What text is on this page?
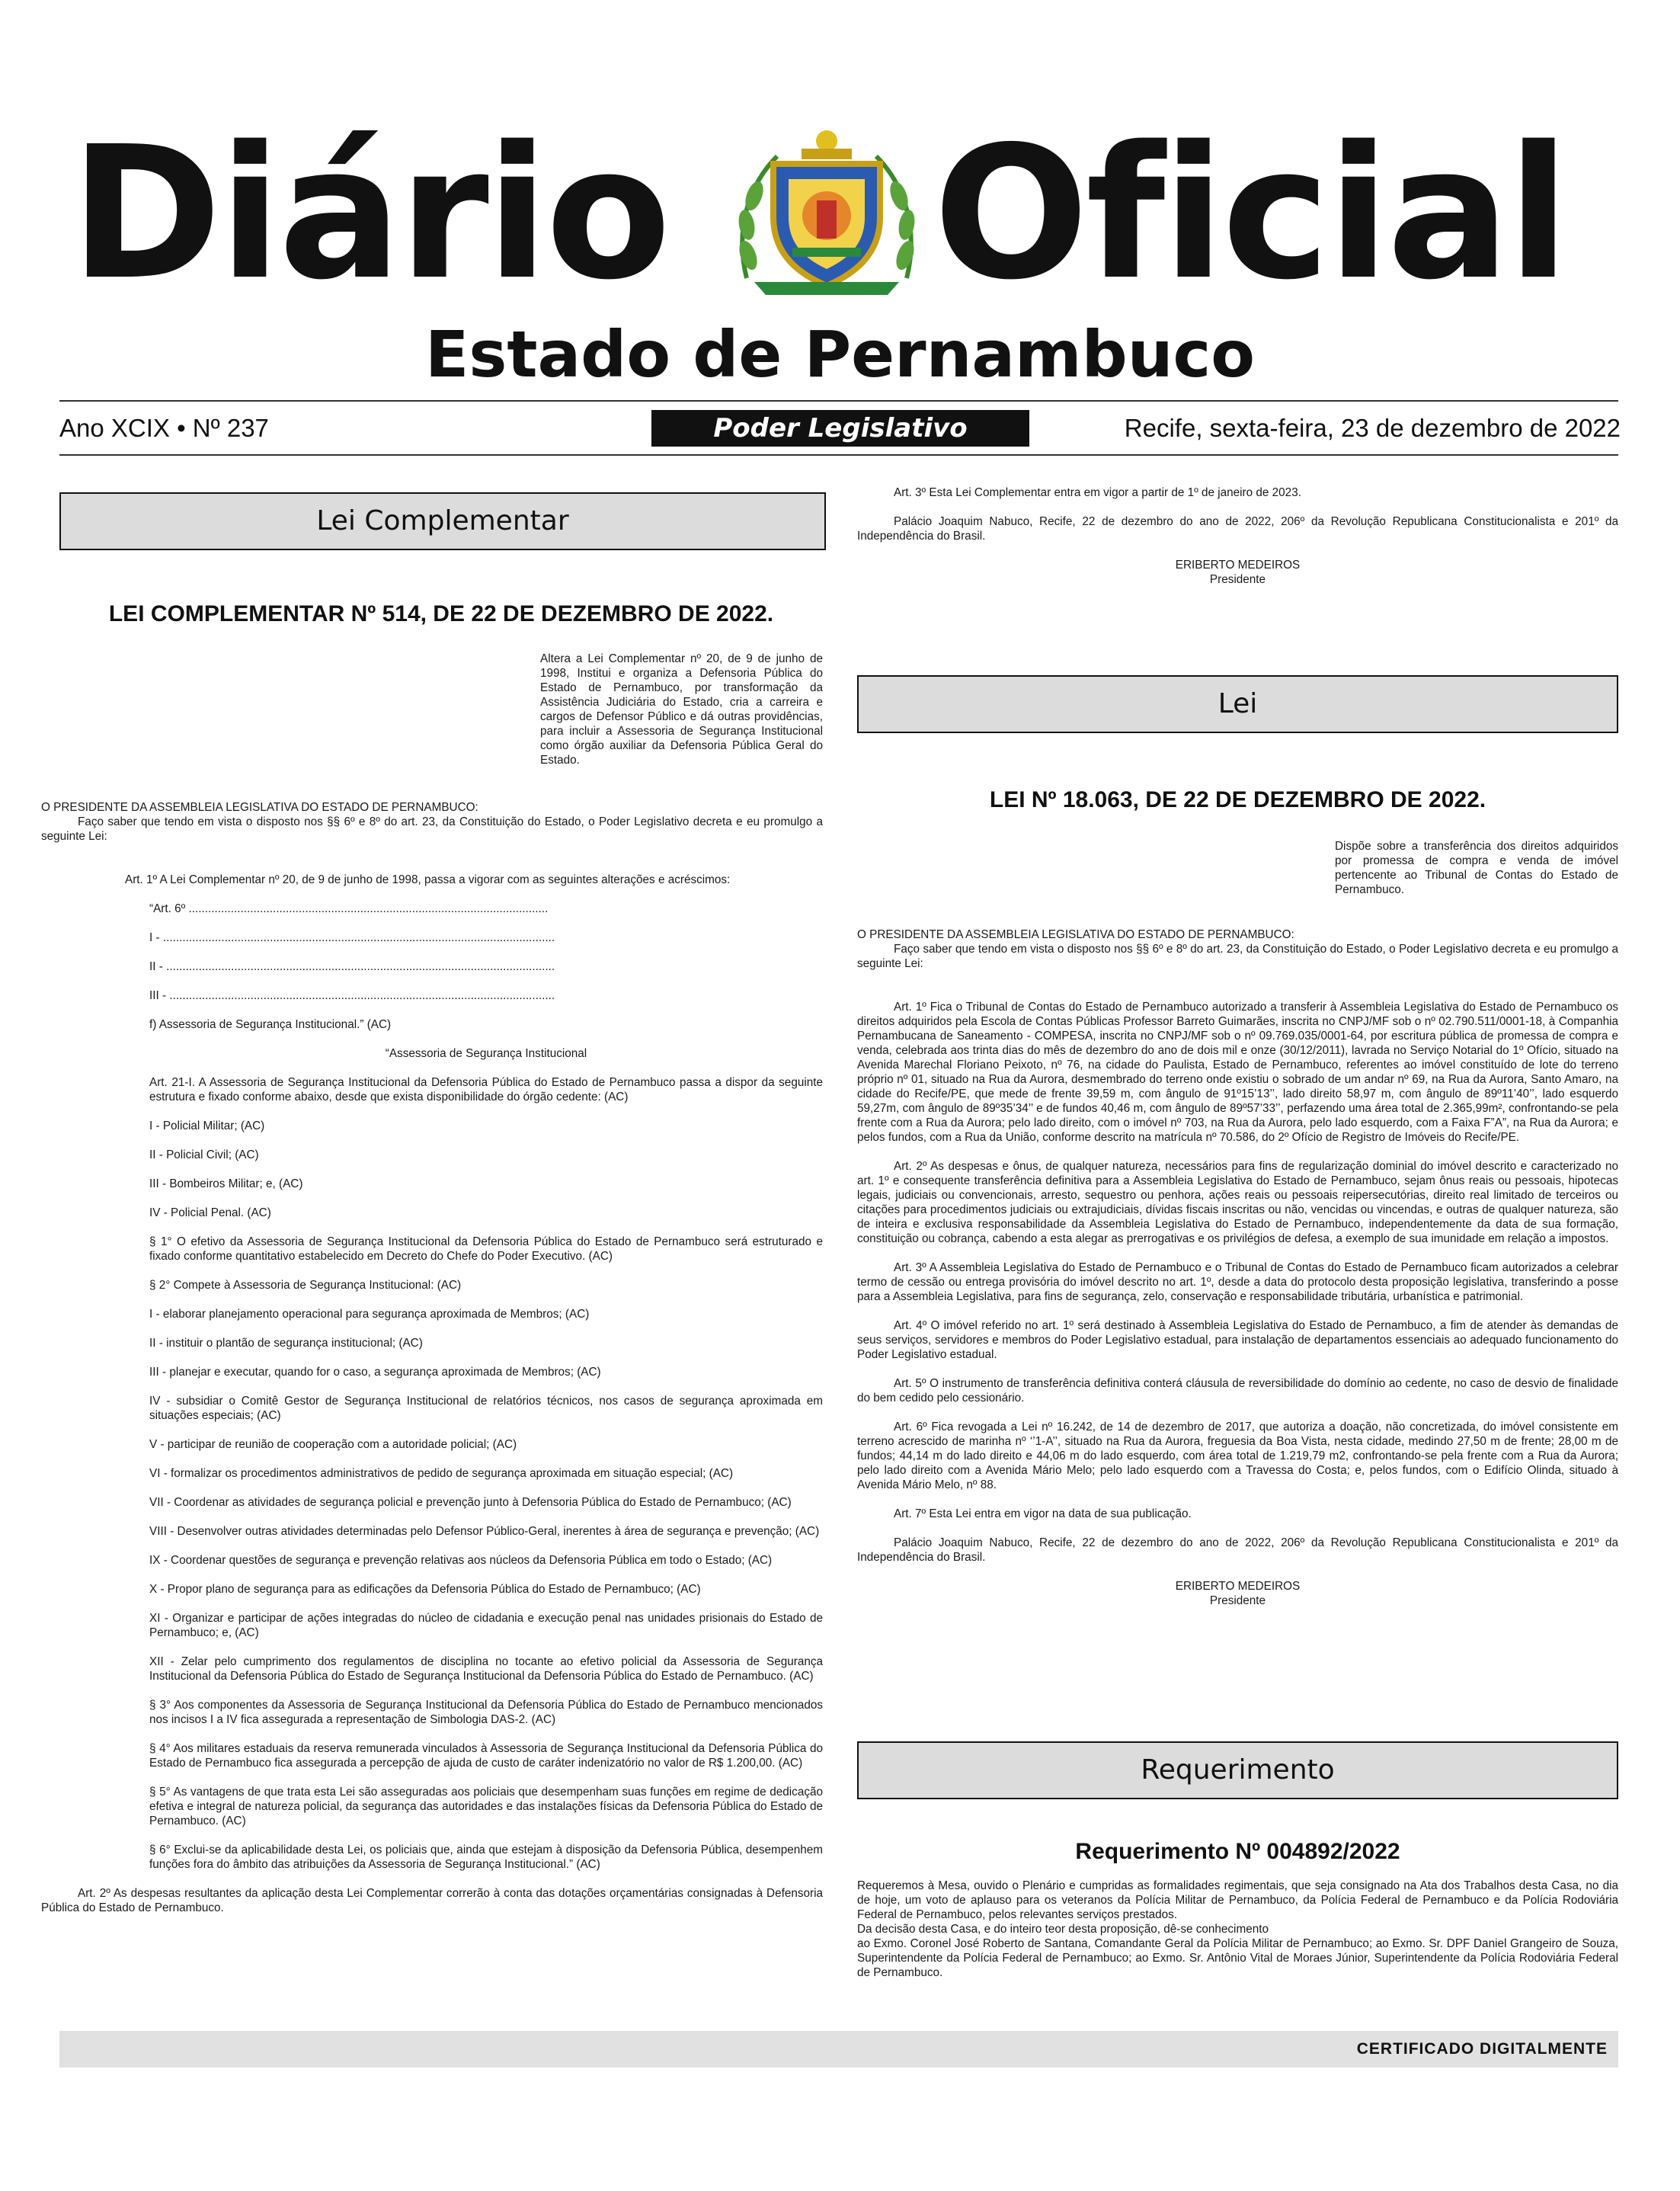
Diário Oficial
Estado de Pernambuco
Ano XCIX • Nº 237	Poder Legislativo	Recife, sexta-feira, 23 de dezembro de 2022
Lei Complementar
LEI COMPLEMENTAR Nº 514, DE 22 DE DEZEMBRO DE 2022.
Altera a Lei Complementar nº 20, de 9 de junho de 1998, Institui e organiza a Defensoria Pública do Estado de Pernambuco, por transformação da Assistência Judiciária do Estado, cria a carreira e cargos de Defensor Público e dá outras providências, para incluir a Assessoria de Segurança Institucional como órgão auxiliar da Defensoria Pública Geral do Estado.

O PRESIDENTE DA ASSEMBLEIA LEGISLATIVA DO ESTADO DE PERNAMBUCO:

Faço saber que tendo em vista o disposto nos §§ 6º e 8º do art. 23, da Constituição do Estado, o Poder Legislativo decreta e eu promulgo a seguinte Lei:

Art. 1º A Lei Complementar nº 20, de 9 de junho de 1998, passa a vigorar com as seguintes alterações e acréscimos:

“Art. 6º ...............................................................................................................

I - .........................................................................................................................

II - ........................................................................................................................

III - .......................................................................................................................

f) Assessoria de Segurança Institucional.” (AC)

“Assessoria de Segurança Institucional

Art. 21-I. A Assessoria de Segurança Institucional da Defensoria Pública do Estado de Pernambuco passa a dispor da seguinte estrutura e fixado conforme abaixo, desde que exista disponibilidade do órgão cedente: (AC)

I - Policial Militar; (AC)

II - Policial Civil; (AC)

III - Bombeiros Militar; e, (AC)

IV - Policial Penal. (AC)

§ 1° O efetivo da Assessoria de Segurança Institucional da Defensoria Pública do Estado de Pernambuco será estruturado e fixado conforme quantitativo estabelecido em Decreto do Chefe do Poder Executivo. (AC)

§ 2° Compete à Assessoria de Segurança Institucional: (AC)

I - elaborar planejamento operacional para segurança aproximada de Membros; (AC)

II - instituir o plantão de segurança institucional; (AC)

III - planejar e executar, quando for o caso, a segurança aproximada de Membros; (AC)

IV - subsidiar o Comitê Gestor de Segurança Institucional de relatórios técnicos, nos casos de segurança aproximada em situações especiais; (AC)

V - participar de reunião de cooperação com a autoridade policial; (AC)

VI - formalizar os procedimentos administrativos de pedido de segurança aproximada em situação especial; (AC)

VII - Coordenar as atividades de segurança policial e prevenção junto à Defensoria Pública do Estado de Pernambuco; (AC)

VIII - Desenvolver outras atividades determinadas pelo Defensor Público-Geral, inerentes à área de segurança e prevenção; (AC)

IX - Coordenar questões de segurança e prevenção relativas aos núcleos da Defensoria Pública em todo o Estado; (AC)

X - Propor plano de segurança para as edificações da Defensoria Pública do Estado de Pernambuco; (AC)

XI - Organizar e participar de ações integradas do núcleo de cidadania e execução penal nas unidades prisionais do Estado de Pernambuco; e, (AC)

XII - Zelar pelo cumprimento dos regulamentos de disciplina no tocante ao efetivo policial da Assessoria de Segurança Institucional da Defensoria Pública do Estado de Segurança Institucional da Defensoria Pública do Estado de Pernambuco. (AC)

§ 3° Aos componentes da Assessoria de Segurança Institucional da Defensoria Pública do Estado de Pernambuco mencionados nos incisos I a IV fica assegurada a representação de Simbologia DAS-2. (AC)

§ 4° Aos militares estaduais da reserva remunerada vinculados à Assessoria de Segurança Institucional da Defensoria Pública do Estado de Pernambuco fica assegurada a percepção de ajuda de custo de caráter indenizatório no valor de R$ 1.200,00. (AC)

§ 5° As vantagens de que trata esta Lei são asseguradas aos policiais que desempenham suas funções em regime de dedicação efetiva e integral de natureza policial, da segurança das autoridades e das instalações físicas da Defensoria Pública do Estado de Pernambuco. (AC)

§ 6° Exclui-se da aplicabilidade desta Lei, os policiais que, ainda que estejam à disposição da Defensoria Pública, desempenhem funções fora do âmbito das atribuições da Assessoria de Segurança Institucional.” (AC)

Art. 2º As despesas resultantes da aplicação desta Lei Complementar correrão à conta das dotações orçamentárias consignadas à Defensoria Pública do Estado de Pernambuco.

Art. 3º Esta Lei Complementar entra em vigor a partir de 1º de janeiro de 2023.

Palácio Joaquim Nabuco, Recife, 22 de dezembro do ano de 2022, 206º da Revolução Republicana Constitucionalista e 201º da Independência do Brasil.

ERIBERTO MEDEIROS

Presidente

Lei
LEI Nº 18.063, DE 22 DE DEZEMBRO DE 2022.
Dispõe sobre a transferência dos direitos adquiridos por promessa de compra e venda de imóvel pertencente ao Tribunal de Contas do Estado de Pernambuco.

O PRESIDENTE DA ASSEMBLEIA LEGISLATIVA DO ESTADO DE PERNAMBUCO:

Faço saber que tendo em vista o disposto nos §§ 6º e 8º do art. 23, da Constituição do Estado, o Poder Legislativo decreta e eu promulgo a seguinte Lei:

Art. 1º Fica o Tribunal de Contas do Estado de Pernambuco autorizado a transferir à Assembleia Legislativa do Estado de Pernambuco os direitos adquiridos pela Escola de Contas Públicas Professor Barreto Guimarães, inscrita no CNPJ/MF sob o nº 02.790.511/0001-18, à Companhia Pernambucana de Saneamento - COMPESA, inscrita no CNPJ/MF sob o nº 09.769.035/0001-64, por escritura pública de promessa de compra e venda, celebrada aos trinta dias do mês de dezembro do ano de dois mil e onze (30/12/2011), lavrada no Serviço Notarial do 1º Ofício, situado na Avenida Marechal Floriano Peixoto, nº 76, na cidade do Paulista, Estado de Pernambuco, referentes ao imóvel constituído de lote do terreno próprio nº 01, situado na Rua da Aurora, desmembrado do terreno onde existiu o sobrado de um andar nº 69, na Rua da Aurora, Santo Amaro, na cidade do Recife/PE, que mede de frente 39,59 m, com ângulo de 91º15’13’’, lado direito 58,97 m, com ângulo de 89º11’40’’, lado esquerdo 59,27m, com ângulo de 89º35’34’’ e de fundos 40,46 m, com ângulo de 89º57’33’’, perfazendo uma área total de 2.365,99m², confrontando-se pela frente com a Rua da Aurora; pelo lado direito, com o imóvel nº 703, na Rua da Aurora, pelo lado esquerdo, com a Faixa F”A”, na Rua da Aurora; e pelos fundos, com a Rua da União, conforme descrito na matrícula nº 70.586, do 2º Ofício de Registro de Imóveis do Recife/PE.

Art. 2º As despesas e ônus, de qualquer natureza, necessários para fins de regularização dominial do imóvel descrito e caracterizado no art. 1º e consequente transferência definitiva para a Assembleia Legislativa do Estado de Pernambuco, sejam ônus reais ou pessoais, hipotecas legais, judiciais ou convencionais, arresto, sequestro ou penhora, ações reais ou pessoais reipersecutórias, direito real limitado de terceiros ou citações para procedimentos judiciais ou extrajudiciais, dívidas fiscais inscritas ou não, vencidas ou vincendas, e outras de qualquer natureza, são de inteira e exclusiva responsabilidade da Assembleia Legislativa do Estado de Pernambuco, independentemente da data de sua formação, constituição ou cobrança, cabendo a esta alegar as prerrogativas e os privilégios de defesa, a exemplo de sua imunidade em relação a impostos.

Art. 3º A Assembleia Legislativa do Estado de Pernambuco e o Tribunal de Contas do Estado de Pernambuco ficam autorizados a celebrar termo de cessão ou entrega provisória do imóvel descrito no art. 1º, desde a data do protocolo desta proposição legislativa, transferindo a posse para a Assembleia Legislativa, para fins de segurança, zelo, conservação e responsabilidade tributária, urbanística e patrimonial.

Art. 4º O imóvel referido no art. 1º será destinado à Assembleia Legislativa do Estado de Pernambuco, a fim de atender às demandas de seus serviços, servidores e membros do Poder Legislativo estadual, para instalação de departamentos essenciais ao adequado funcionamento do Poder Legislativo estadual.

Art. 5º O instrumento de transferência definitiva conterá cláusula de reversibilidade do domínio ao cedente, no caso de desvio de finalidade do bem cedido pelo cessionário.

Art. 6º Fica revogada a Lei nº 16.242, de 14 de dezembro de 2017, que autoriza a doação, não concretizada, do imóvel consistente em terreno acrescido de marinha nº ‘’1-A’’, situado na Rua da Aurora, freguesia da Boa Vista, nesta cidade, medindo 27,50 m de frente; 28,00 m de fundos; 44,14 m do lado direito e 44,06 m do lado esquerdo, com área total de 1.219,79 m2, confrontando-se pela frente com a Rua da Aurora; pelo lado direito com a Avenida Mário Melo; pelo lado esquerdo com a Travessa do Costa; e, pelos fundos, com o Edifício Olinda, situado à Avenida Mário Melo, nº 88.

Art. 7º Esta Lei entra em vigor na data de sua publicação.

Palácio Joaquim Nabuco, Recife, 22 de dezembro do ano de 2022, 206º da Revolução Republicana Constitucionalista e 201º da Independência do Brasil.

ERIBERTO MEDEIROS

Presidente

Requerimento
Requerimento Nº 004892/2022

Requeremos à Mesa, ouvido o Plenário e cumpridas as formalidades regimentais, que seja consignado na Ata dos Trabalhos desta Casa, no dia de hoje, um voto de aplauso para os veteranos da Polícia Militar de Pernambuco, da Polícia Federal de Pernambuco e da Polícia Rodoviária Federal de Pernambuco, pelos relevantes serviços prestados.

Da decisão desta Casa, e do inteiro teor desta proposição, dê-se conhecimento

ao Exmo. Coronel José Roberto de Santana, Comandante Geral da Polícia Militar de Pernambuco; ao Exmo. Sr. DPF Daniel Grangeiro de Souza, Superintendente da Polícia Federal de Pernambuco; ao Exmo. Sr. Antônio Vital de Moraes Júnior, Superintendente da Polícia Rodoviária Federal de Pernambuco.

CERTIFICADO DIGITALMENTE
